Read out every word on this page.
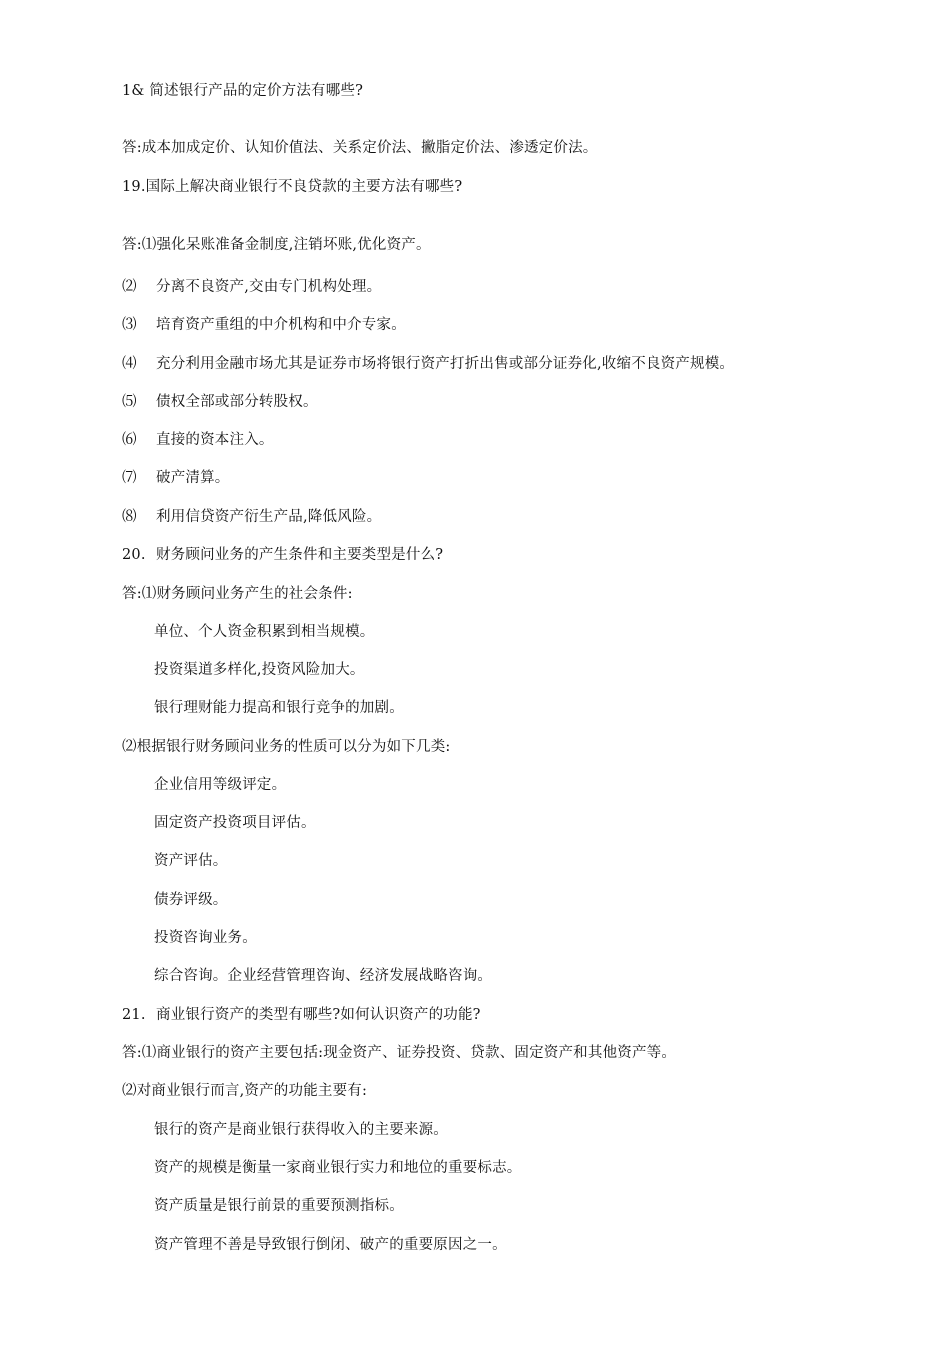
1& 简述银行产品的定价方法有哪些?
答:成本加成定价、认知价值法、关系定价法、撇脂定价法、渗透定价法。
19.国际上解决商业银行不良贷款的主要方法有哪些?
答:⑴强化呆账准备金制度,注销坏账,优化资产。
⑵ 分离不良资产,交由专门机构处理。
⑶ 培育资产重组的中介机构和中介专家。
⑷ 充分利用金融市场尤其是证券市场将银行资产打折出售或部分证券化,收缩不良资产规模。
⑸ 债权全部或部分转股权。
⑹ 直接的资本注入。
⑺ 破产清算。
⑻ 利用信贷资产衍生产品,降低风险。
20. 财务顾问业务的产生条件和主要类型是什么?
答:⑴财务顾问业务产生的社会条件:
单位、个人资金积累到相当规模。
投资渠道多样化,投资风险加大。
银行理财能力提高和银行竞争的加剧。
⑵根据银行财务顾问业务的性质可以分为如下几类:
企业信用等级评定。
固定资产投资项目评估。
资产评估。
债券评级。
投资咨询业务。
综合咨询。企业经营管理咨询、经济发展战略咨询。
21. 商业银行资产的类型有哪些?如何认识资产的功能?
答:⑴商业银行的资产主要包括:现金资产、证券投资、贷款、固定资产和其他资产等。
⑵对商业银行而言,资产的功能主要有:
银行的资产是商业银行获得收入的主要来源。
资产的规模是衡量一家商业银行实力和地位的重要标志。
资产质量是银行前景的重要预测指标。
资产管理不善是导致银行倒闭、破产的重要原因之一。
